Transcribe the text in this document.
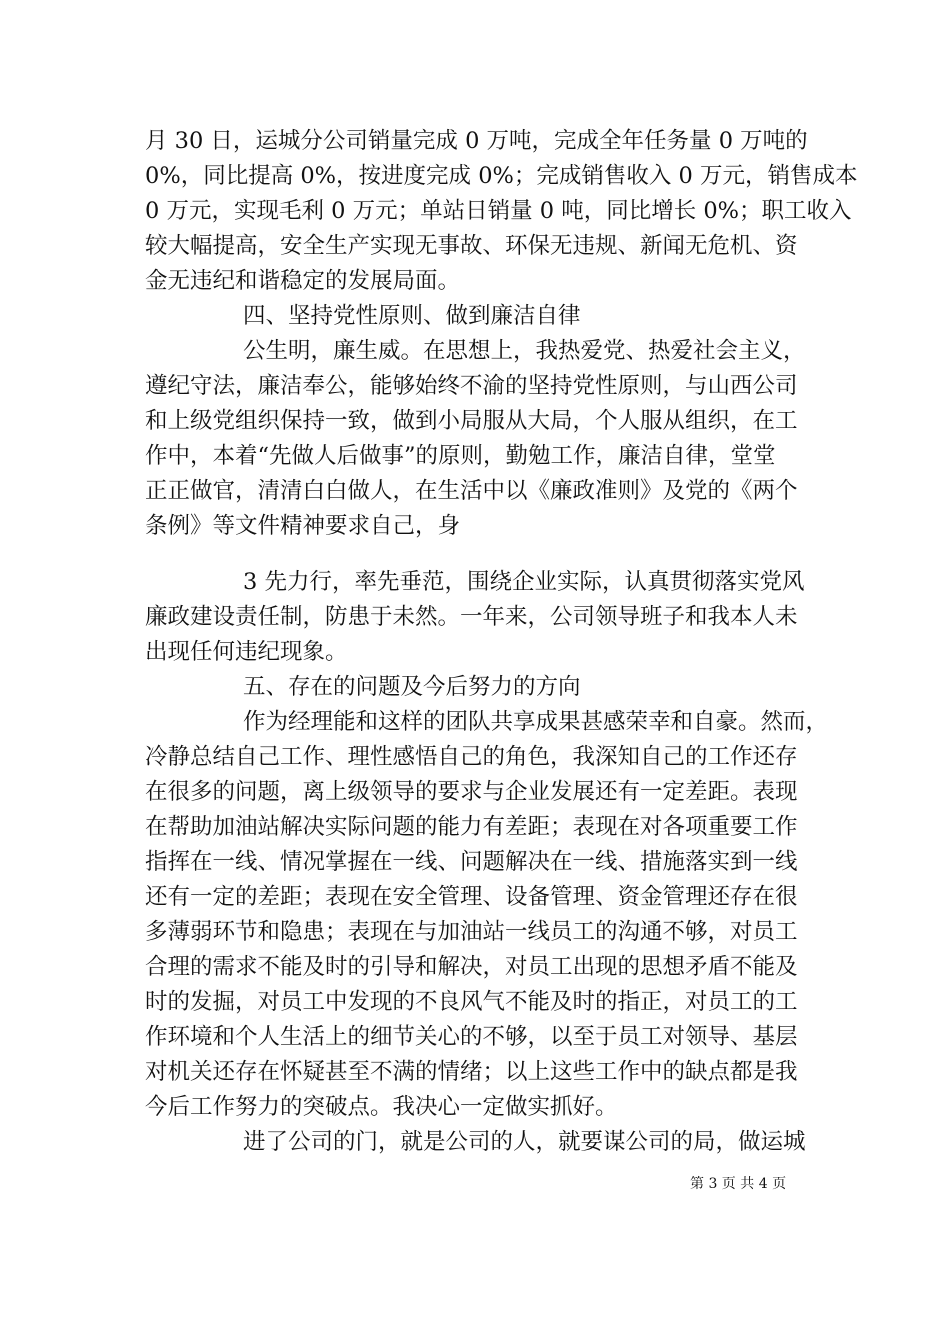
月 30 日，运城分公司销量完成 0 万吨，完成全年任务量 0 万吨的
0%，同比提高 0%，按进度完成 0%；完成销售收入 0 万元，销售成本
0 万元，实现毛利 0 万元；单站日销量 0 吨，同比增长 0%；职工收入
较大幅提高，安全生产实现无事故、环保无违规、新闻无危机、资
金无违纪和谐稳定的发展局面。
四、坚持党性原则、做到廉洁自律
公生明，廉生威。在思想上，我热爱党、热爱社会主义，
遵纪守法，廉洁奉公，能够始终不渝的坚持党性原则，与山西公司
和上级党组织保持一致，做到小局服从大局，个人服从组织，在工
作中，本着“先做人后做事”的原则，勤勉工作，廉洁自律，堂堂
正正做官，清清白白做人，在生活中以《廉政准则》及党的《两个
条例》等文件精神要求自己，身
3 先力行，率先垂范，围绕企业实际，认真贯彻落实党风
廉政建设责任制，防患于未然。一年来，公司领导班子和我本人未
出现任何违纪现象。
五、存在的问题及今后努力的方向
作为经理能和这样的团队共享成果甚感荣幸和自豪。然而，
冷静总结自己工作、理性感悟自己的角色，我深知自己的工作还存
在很多的问题，离上级领导的要求与企业发展还有一定差距。表现
在帮助加油站解决实际问题的能力有差距；表现在对各项重要工作
指挥在一线、情况掌握在一线、问题解决在一线、措施落实到一线
还有一定的差距；表现在安全管理、设备管理、资金管理还存在很
多薄弱环节和隐患；表现在与加油站一线员工的沟通不够，对员工
合理的需求不能及时的引导和解决，对员工出现的思想矛盾不能及
时的发掘，对员工中发现的不良风气不能及时的指正，对员工的工
作环境和个人生活上的细节关心的不够，以至于员工对领导、基层
对机关还存在怀疑甚至不满的情绪；以上这些工作中的缺点都是我
今后工作努力的突破点。我决心一定做实抓好。
进了公司的门，就是公司的人，就要谋公司的局，做运城
第 3 页 共 4 页
